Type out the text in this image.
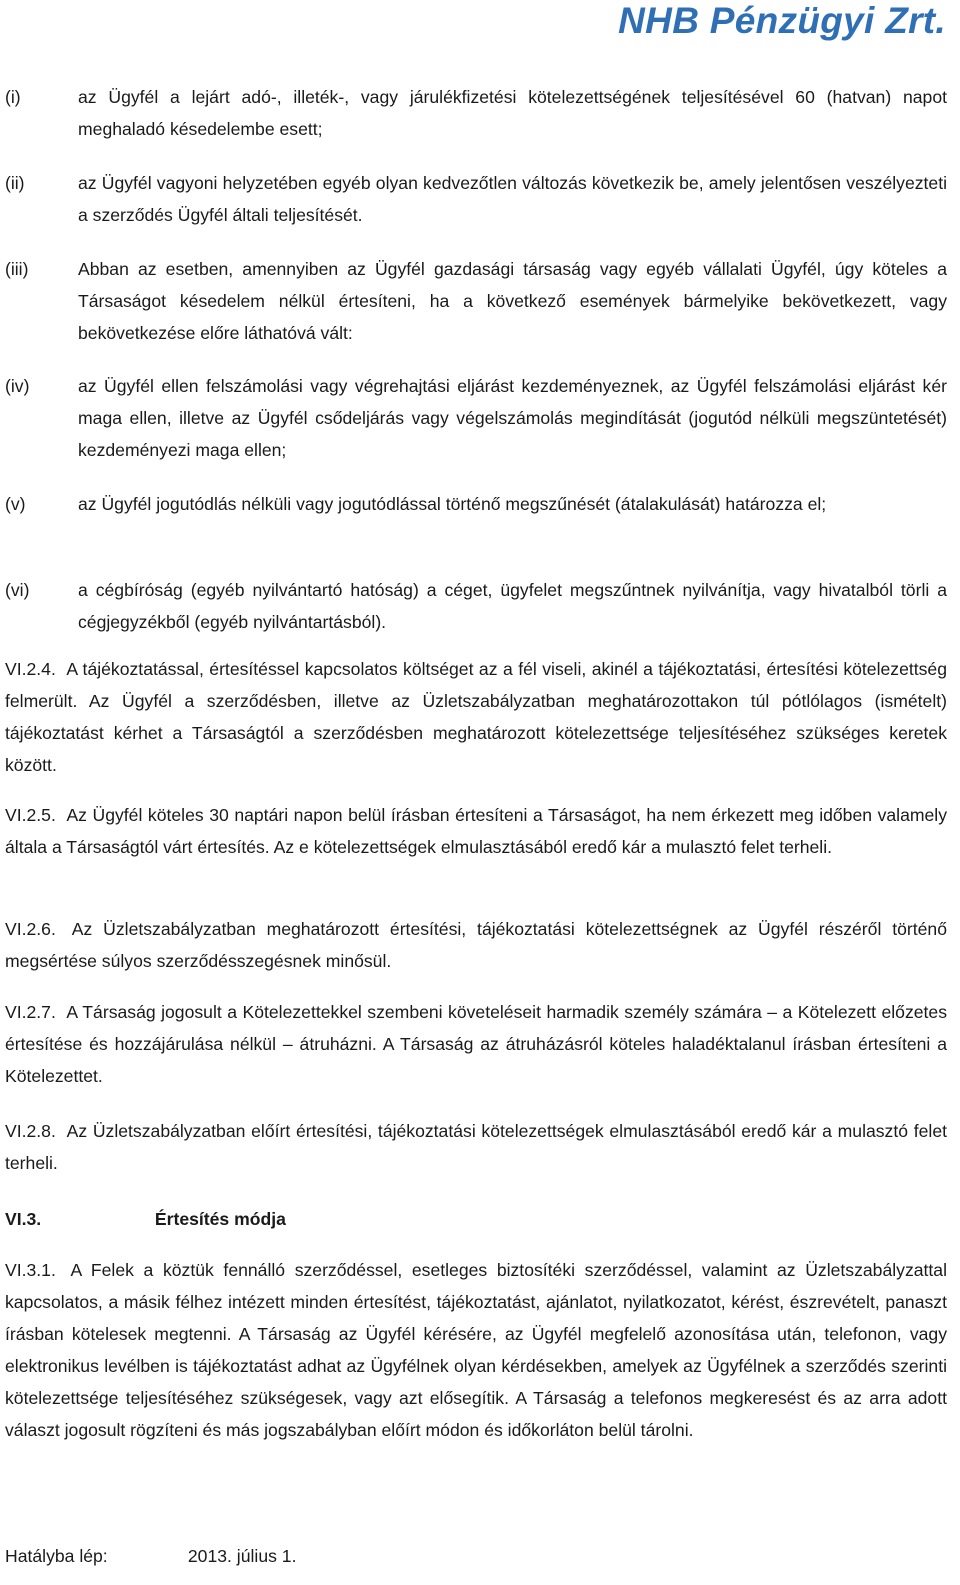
NHB Pénzügyi Zrt.
(i)	az Ügyfél a lejárt adó-, illeték-, vagy járulékfizetési kötelezettségének teljesítésével 60 (hatvan) napot meghaladó késedelembe esett;
(ii)	az Ügyfél vagyoni helyzetében egyéb olyan kedvezőtlen változás következik be, amely jelentősen veszélyezteti a szerződés Ügyfél általi teljesítését.
(iii)	Abban az esetben, amennyiben az Ügyfél gazdasági társaság vagy egyéb vállalati Ügyfél, úgy köteles a Társaságot késedelem nélkül értesíteni, ha a következő események bármelyike bekövetkezett, vagy bekövetkezése előre láthatóvá vált:
(iv)	az Ügyfél ellen felszámolási vagy végrehajtási eljárást kezdeményeznek, az Ügyfél felszámolási eljárást kér maga ellen, illetve az Ügyfél csődeljárás vagy végelszámolás megindítását (jogutód nélküli megszüntetését) kezdeményezi maga ellen;
(v)	az Ügyfél jogutódlás nélküli vagy jogutódlással történő megszűnését (átalakulását) határozza el;
(vi)	a cégbíróság (egyéb nyilvántartó hatóság) a céget, ügyfelet megszűntnek nyilvánítja, vagy hivatalból törli a cégjegyzékből (egyéb nyilvántartásból).
VI.2.4. A tájékoztatással, értesítéssel kapcsolatos költséget az a fél viseli, akinél a tájékoztatási, értesítési kötelezettség felmerült. Az Ügyfél a szerződésben, illetve az Üzletszabályzatban meghatározottakon túl pótlólagos (ismételt) tájékoztatást kérhet a Társaságtól a szerződésben meghatározott kötelezettsége teljesítéséhez szükséges keretek között.
VI.2.5. Az Ügyfél köteles 30 naptári napon belül írásban értesíteni a Társaságot, ha nem érkezett meg időben valamely általa a Társaságtól várt értesítés. Az e kötelezettségek elmulasztásából eredő kár a mulasztó felet terheli.
VI.2.6. Az Üzletszabályzatban meghatározott értesítési, tájékoztatási kötelezettségnek az Ügyfél részéről történő megsértése súlyos szerződésszegésnek minősül.
VI.2.7. A Társaság jogosult a Kötelezettekkel szembeni követeléseit harmadik személy számára – a Kötelezett előzetes értesítése és hozzájárulása nélkül – átruházni. A Társaság az átruházásról köteles haladéktalanul írásban értesíteni a Kötelezettet.
VI.2.8. Az Üzletszabályzatban előírt értesítési, tájékoztatási kötelezettségek elmulasztásából eredő kár a mulasztó felet terheli.
VI.3.	Értesítés módja
VI.3.1. A Felek a köztük fennálló szerződéssel, esetleges biztosítéki szerződéssel, valamint az Üzletszabályzattal kapcsolatos, a másik félhez intézett minden értesítést, tájékoztatást, ajánlatot, nyilatkozatot, kérést, észrevételt, panaszt írásban kötelesek megtenni. A Társaság az Ügyfél kérésére, az Ügyfél megfelelő azonosítása után, telefonon, vagy elektronikus levélben is tájékoztatást adhat az Ügyfélnek olyan kérdésekben, amelyek az Ügyfélnek a szerződés szerinti kötelezettsége teljesítéséhez szükségesek, vagy azt elősegítik. A Társaság a telefonos megkeresést és az arra adott választ jogosult rögzíteni és más jogszabályban előírt módon és időkorláton belül tárolni.
Hatályba lép:	2013. július 1.
